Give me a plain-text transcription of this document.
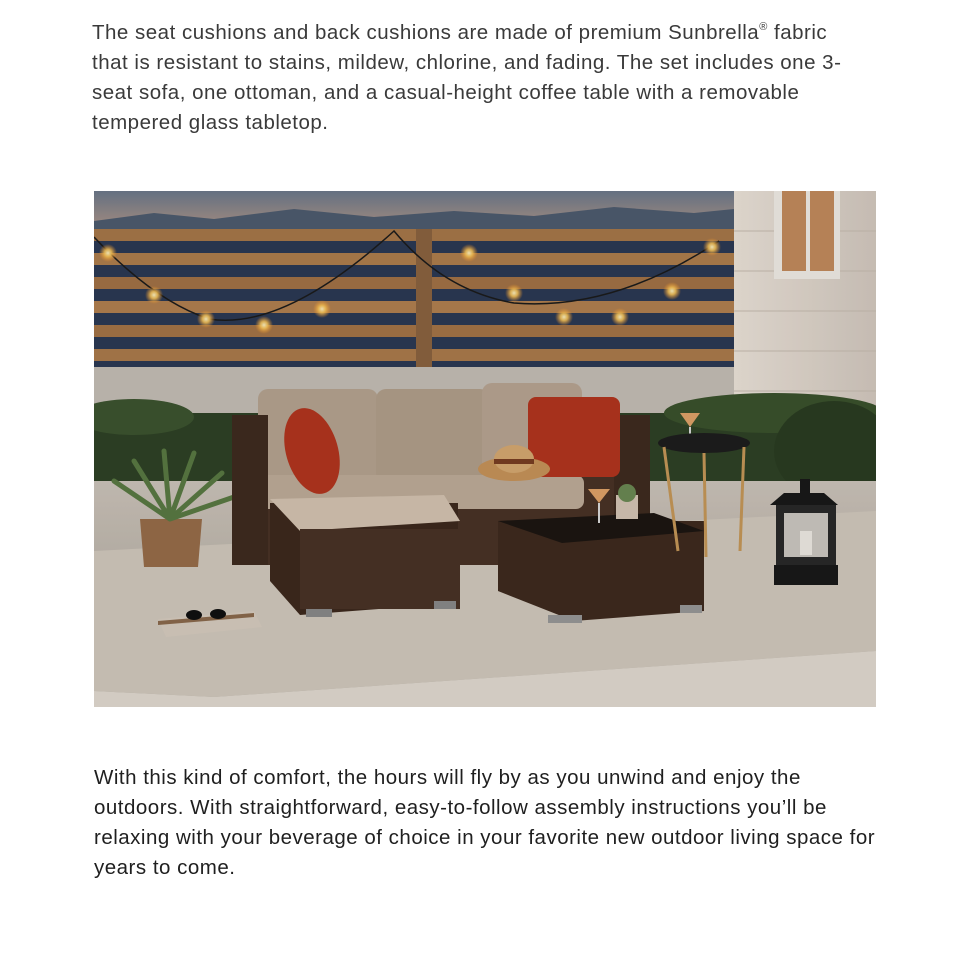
The seat cushions and back cushions are made of premium Sunbrella® fabric that is resistant to stains, mildew, chlorine, and fading. The set includes one 3-seat sofa, one ottoman, and a casual-height coffee table with a removable tempered glass tabletop.

With this kind of comfort, the hours will fly by as you unwind and enjoy the outdoors. With straightforward, easy-to-follow assembly instructions you’ll be relaxing with your beverage of choice in your favorite new outdoor living space for years to come.
